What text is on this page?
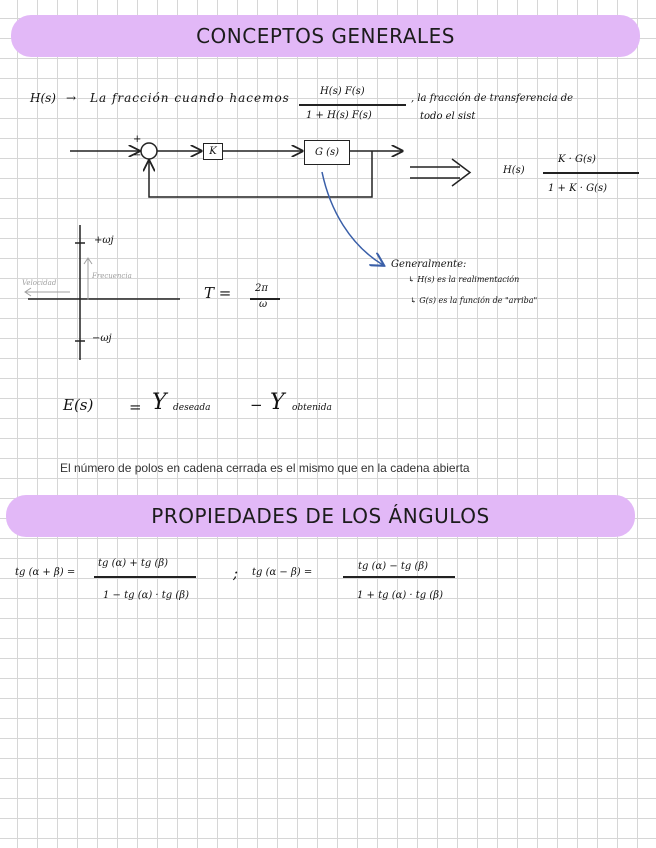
CONCEPTOS GENERALES
PROPIEDADES DE LOS ÁNGULOS
H(s) → La fracción cuando hacemos	H(s) F(s)
1 + H(s) F(s)
, la fracción de transferencia de
todo el sist
+
−	K	G (s)
H(s)
K · G(s)
1 + K · G(s)
Generalmente:
↳ H(s) es la realimentación
↳ G(s) es la función de "arriba"
+ωj
−ωj
Frecuencia
Velocidad
T = 2π
ω
E(s) = Y deseada	− Y obtenida
El número de polos en cadena cerrada es el mismo que en la cadena abierta
tg (α + β) =
tg (α) + tg (β)
1 − tg (α) · tg (β)
; tg (α − β) =
tg (α) − tg (β)
1 + tg (α) · tg (β)
